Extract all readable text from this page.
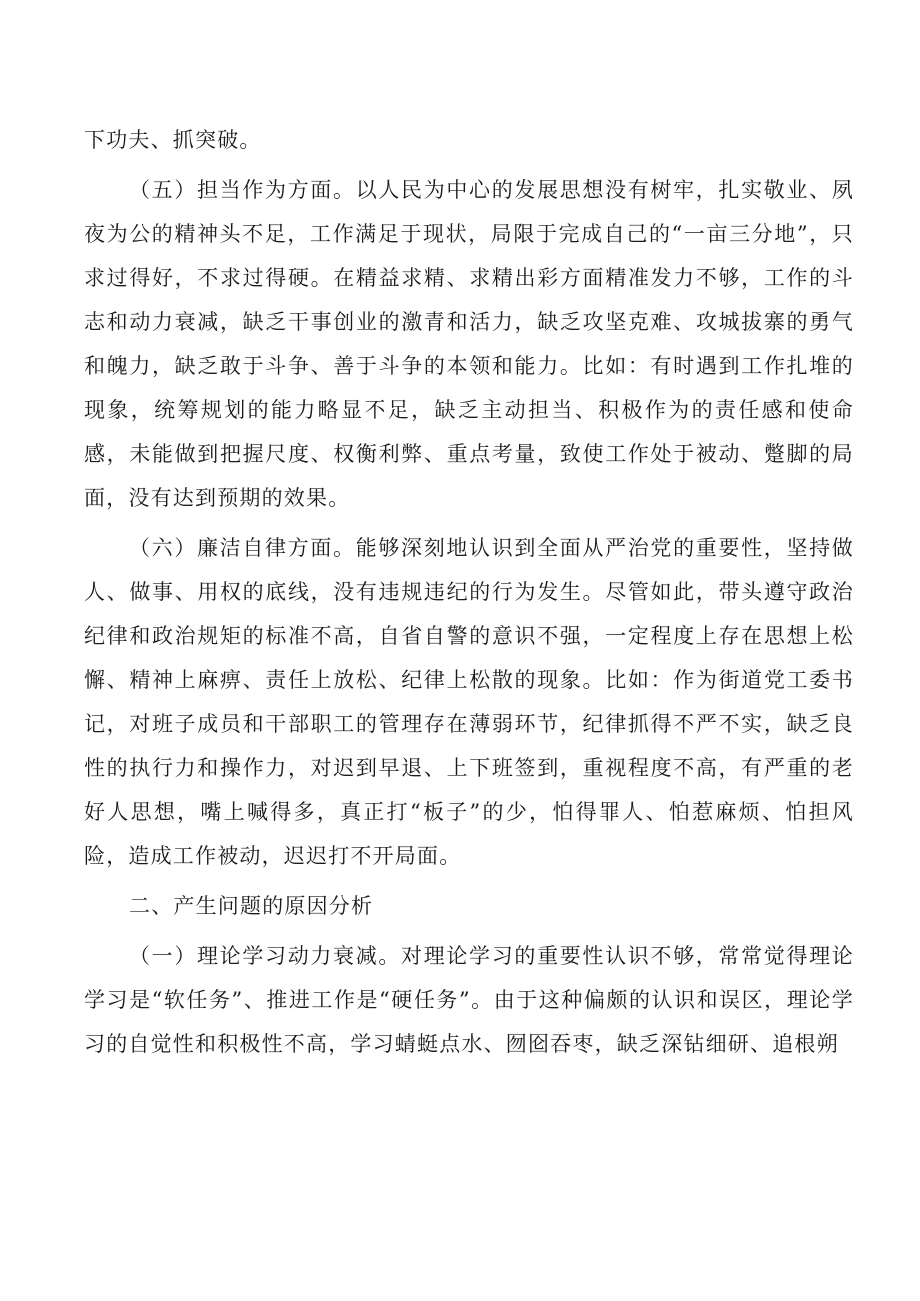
下功夫、抓突破。

（五）担当作为方面。以人民为中心的发展思想没有树牢，扎实敬业、夙夜为公的精神头不足，工作满足于现状，局限于完成自己的“一亩三分地”，只求过得好，不求过得硬。在精益求精、求精出彩方面精准发力不够，工作的斗志和动力衰减，缺乏干事创业的激青和活力，缺乏攻坚克难、攻城拔寨的勇气和魄力，缺乏敢于斗争、善于斗争的本领和能力。比如：有时遇到工作扎堆的现象，统筹规划的能力略显不足，缺乏主动担当、积极作为的责任感和使命感，未能做到把握尺度、权衡利弊、重点考量，致使工作处于被动、蹩脚的局面，没有达到预期的效果。

（六）廉洁自律方面。能够深刻地认识到全面从严治党的重要性，坚持做人、做事、用权的底线，没有违规违纪的行为发生。尽管如此，带头遵守政治纪律和政治规矩的标准不高，自省自警的意识不强，一定程度上存在思想上松懈、精神上麻痹、责任上放松、纪律上松散的现象。比如：作为街道党工委书记，对班子成员和干部职工的管理存在薄弱环节，纪律抓得不严不实，缺乏良性的执行力和操作力，对迟到早退、上下班签到，重视程度不高，有严重的老好人思想，嘴上喊得多，真正打“板子”的少，怕得罪人、怕惹麻烦、怕担风险，造成工作被动，迟迟打不开局面。

二、产生问题的原因分析

（一）理论学习动力衰减。对理论学习的重要性认识不够，常常觉得理论学习是“软任务”、推进工作是“硬任务”。由于这种偏颇的认识和误区，理论学习的自觉性和积极性不高，学习蜻蜓点水、囫囵吞枣，缺乏深钻细研、追根朔
